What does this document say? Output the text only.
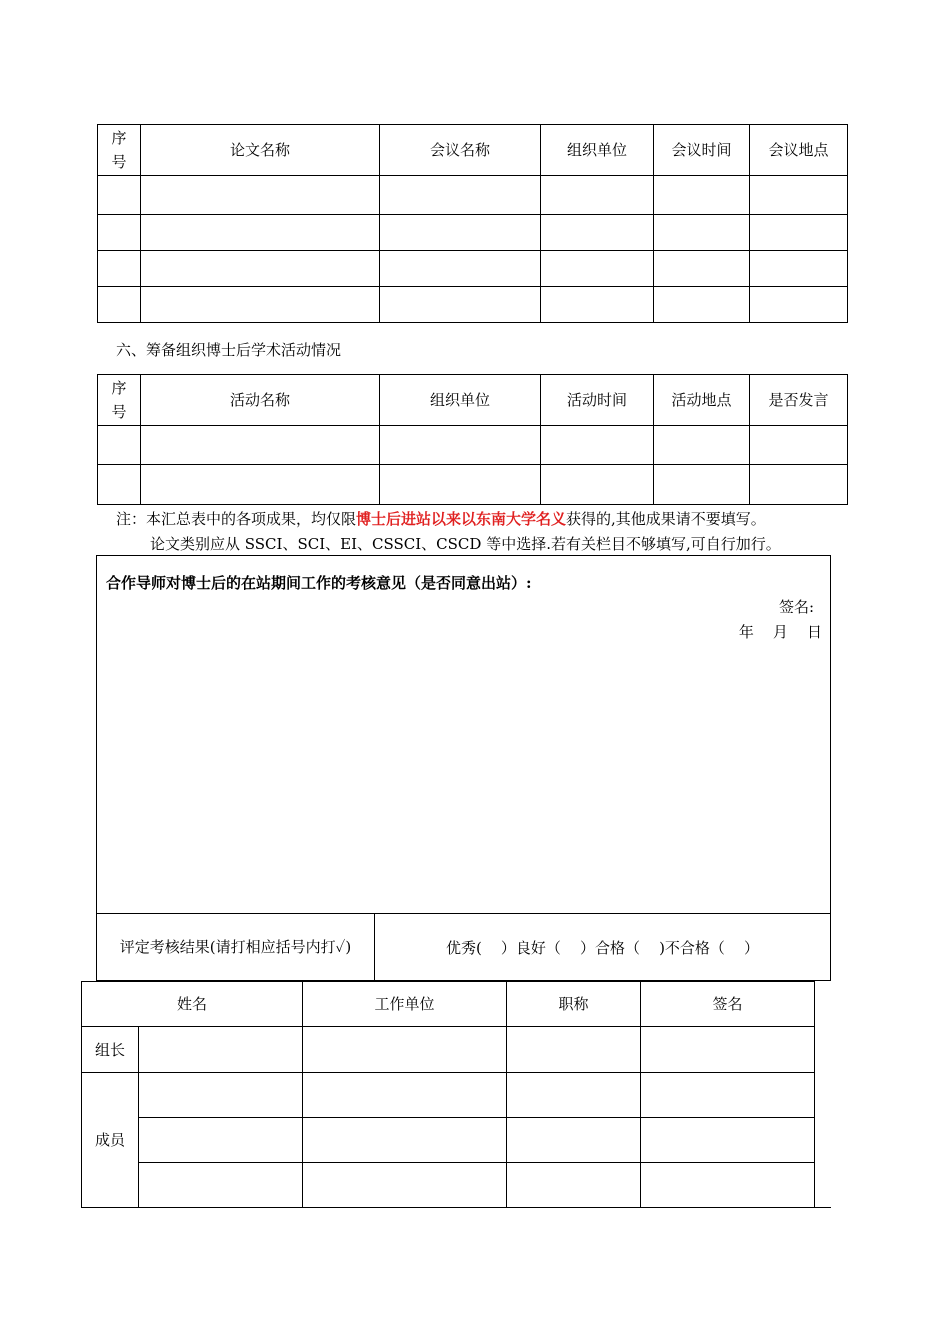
序号	论文名称	会议名称	组织单位	会议时间	会议地点

六、筹备组织博士后学术活动情况
序号	活动名称	组织单位	活动时间	活动地点	是否发言

注：本汇总表中的各项成果，均仅限博士后进站以来以东南大学名义获得的,其他成果请不要填写。
论文类别应从 SSCI、SCI、EI、CSSCI、CSCD 等中选择.若有关栏目不够填写,可自行加行。
合作导师对博士后的在站期间工作的考核意见（是否同意出站）:
签名:
年    月    日
评定考核结果(请打相应括号内打✓)	优秀(    ）良好（    ）合格（    )不合格（    ）
姓名		工作单位	职称	签名
组长				
成员				
